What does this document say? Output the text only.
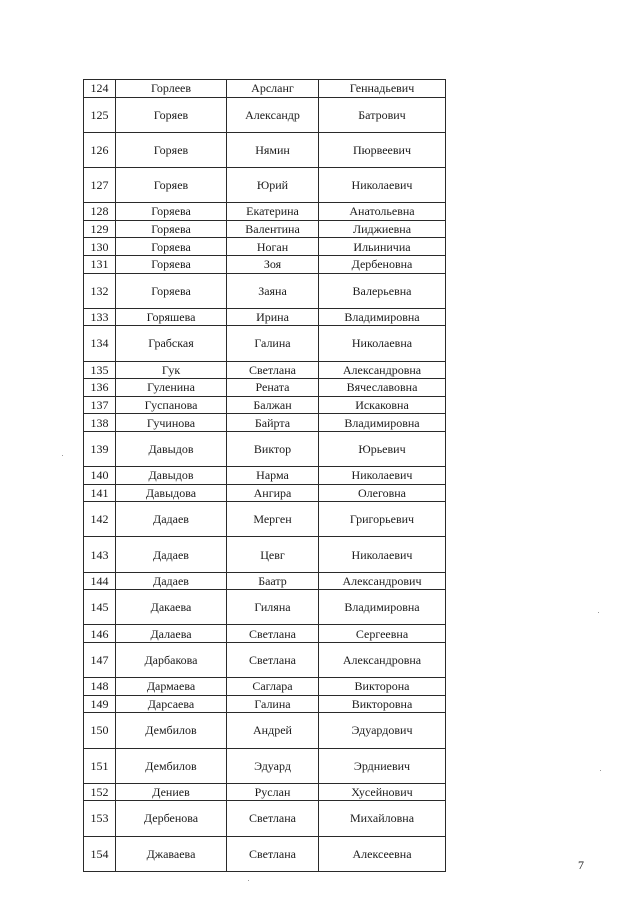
124	Горлеев	Арсланг	Геннадьевич
125	Горяев	Александр	Батрович
126	Горяев	Нямин	Пюрвеевич
127	Горяев	Юрий	Николаевич
128	Горяева	Екатерина	Анатольевна
129	Горяева	Валентина	Лиджиевна
130	Горяева	Ноган	Ильиничиа
131	Горяева	Зоя	Дербеновна
132	Горяева	Заяна	Валерьевна
133	Горяшева	Ирина	Владимировна
134	Грабская	Галина	Николаевна
135	Гук	Светлана	Александровна
136	Гуленина	Рената	Вячеславовна
137	Гуспанова	Балжан	Искаковна
138	Гучинова	Байрта	Владимировна
139	Давыдов	Виктор	Юрьевич
140	Давыдов	Нарма	Николаевич
141	Давыдова	Ангира	Олеговна
142	Дадаев	Мерген	Григорьевич
143	Дадаев	Цевг	Николаевич
144	Дадаев	Баатр	Александрович
145	Дакаева	Гиляна	Владимировна
146	Далаева	Светлана	Сергеевна
147	Дарбакова	Светлана	Александровна
148	Дармаева	Саглара	Викторона
149	Дарсаева	Галина	Викторовна
150	Дембилов	Андрей	Эдуардович
151	Дембилов	Эдуард	Эрдниевич
152	Дениев	Руслан	Хусейнович
153	Дербенова	Светлана	Михайловна
154	Джаваева	Светлана	Алексеевна
7
